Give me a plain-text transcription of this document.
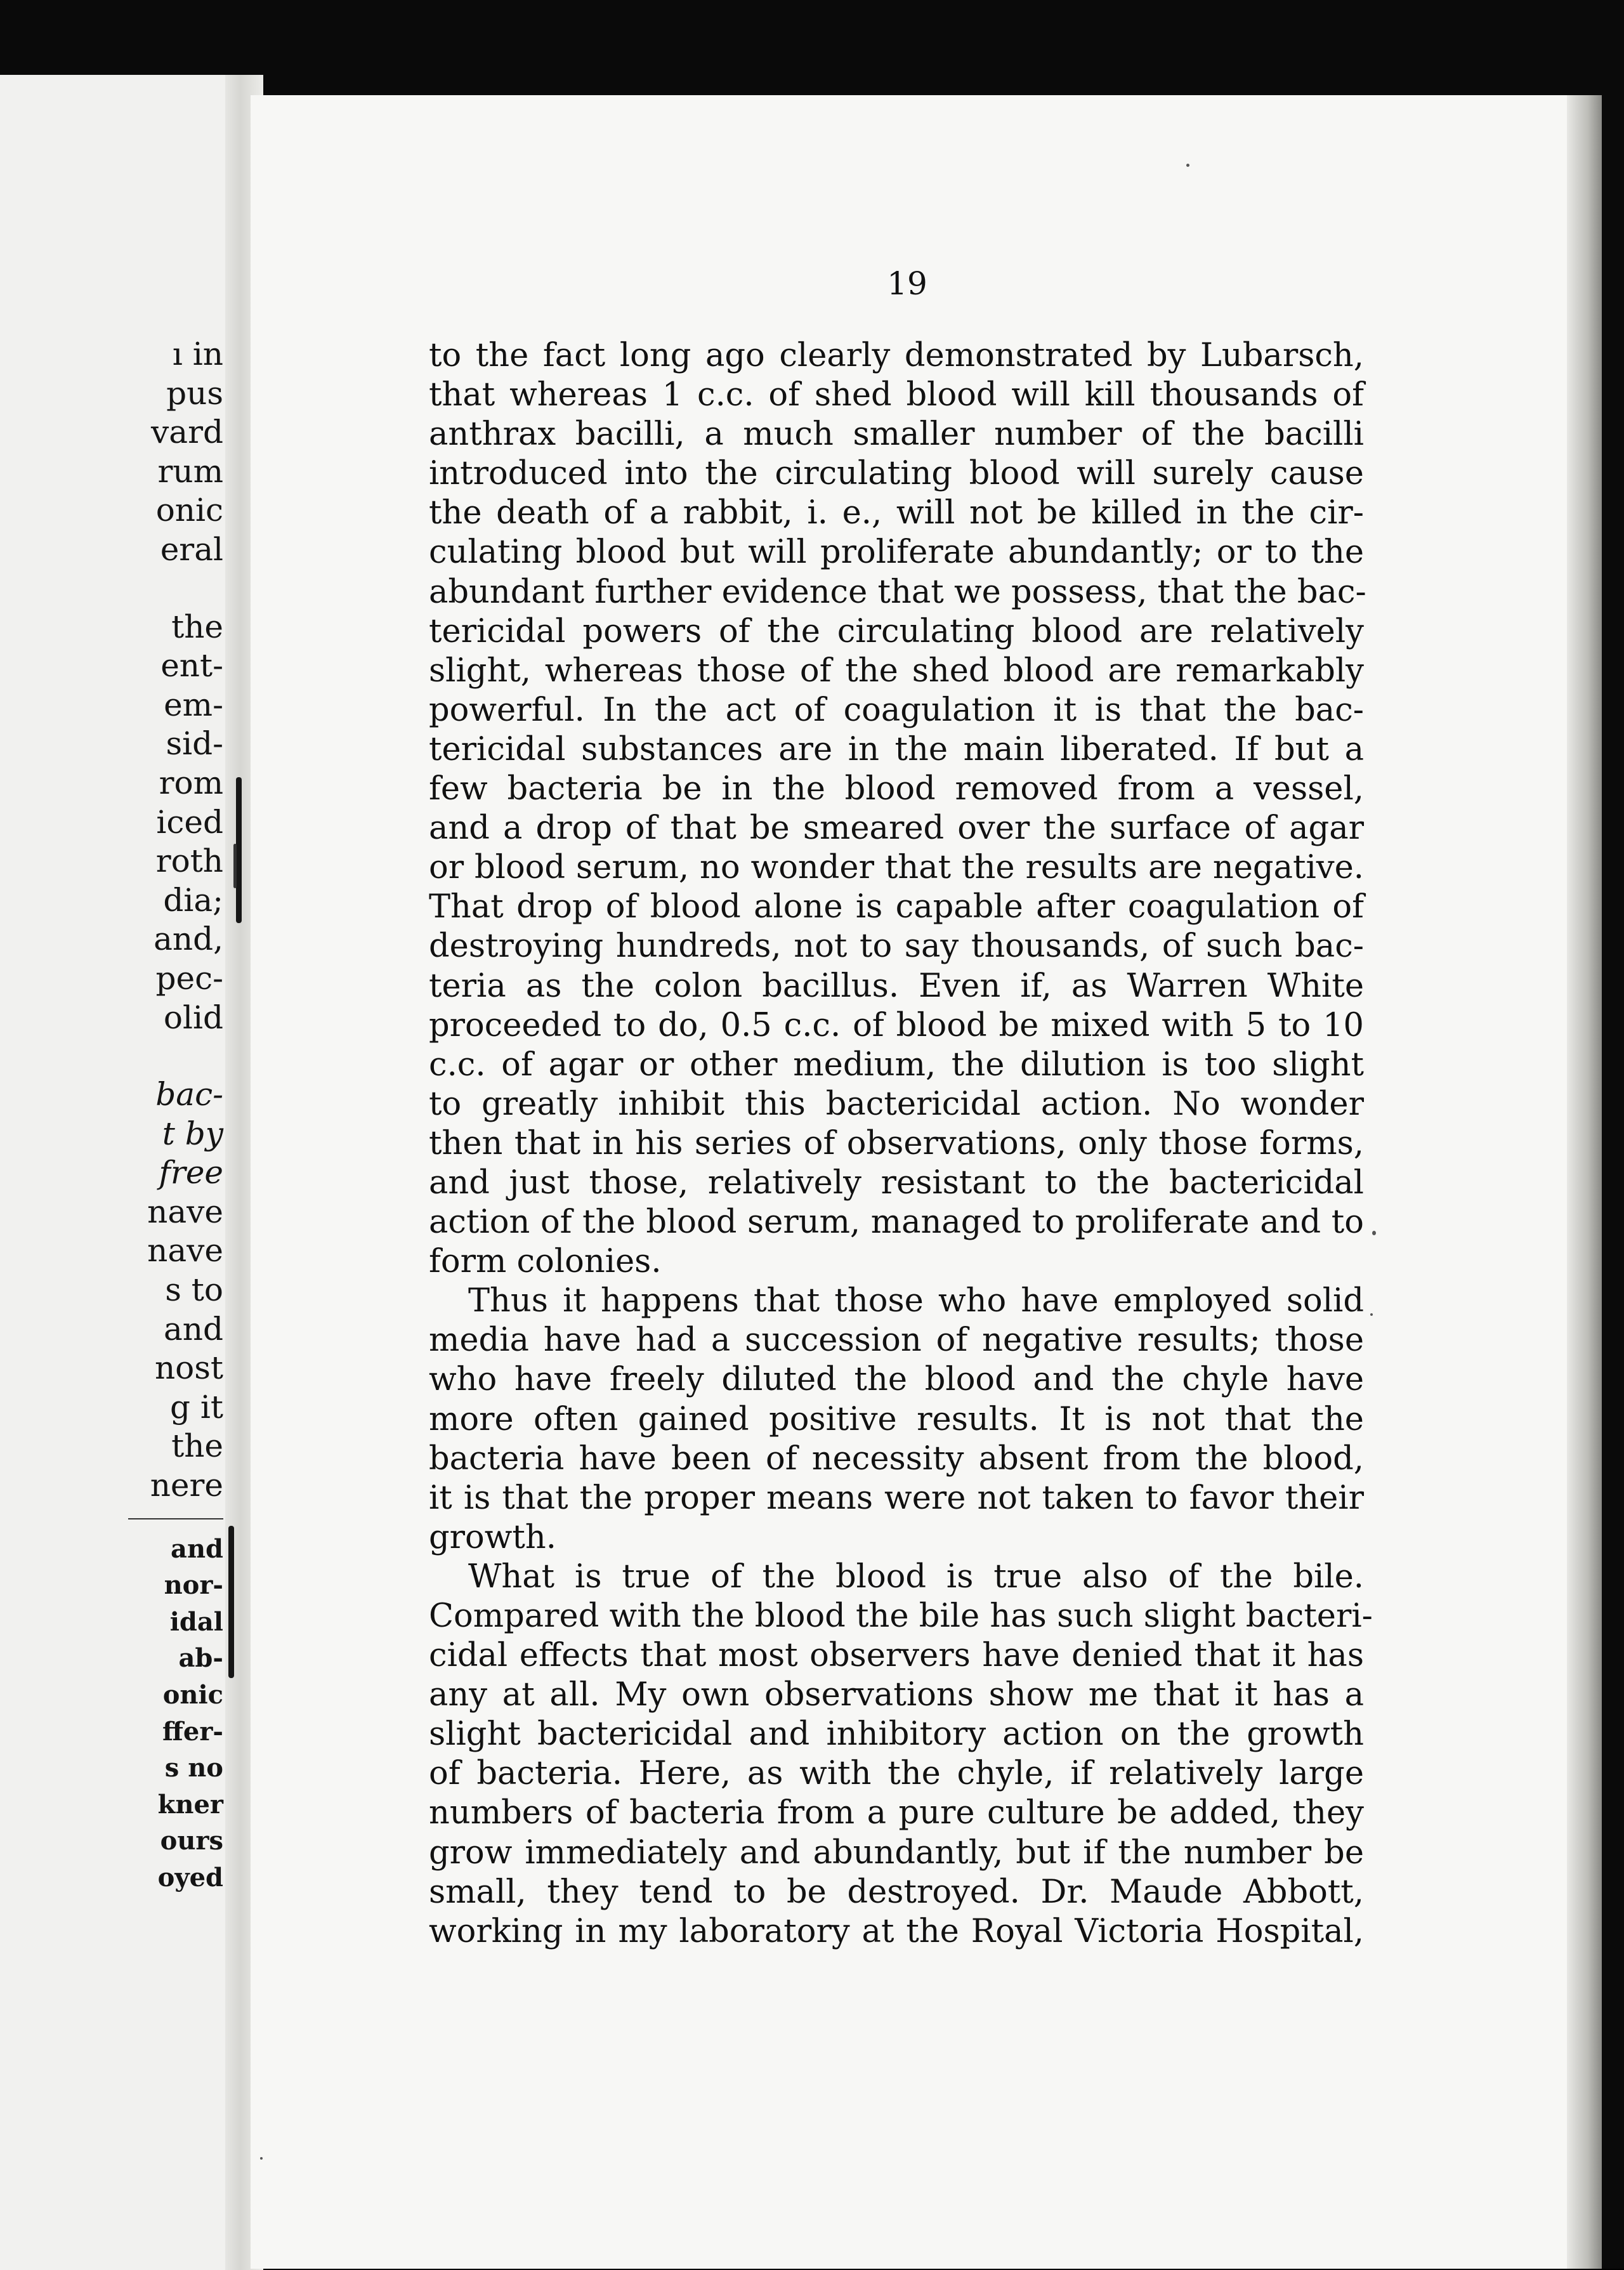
ı in
pus
vard
rum
onic
eral
the
ent-
em-
sid-
rom
iced
roth
dia;
and,
pec-
olid
bac-
t by
free
nave
nave
s to
and
nost
g it
the
nere
and
nor-
idal
ab-
onic
ffer-
s no
kner
ours
oyed
19
to the fact long ago clearly demonstrated by Lubarsch,
that whereas 1 c.c. of shed blood will kill thousands of
anthrax bacilli, a much smaller number of the bacilli
introduced into the circulating blood will surely cause
the death of a rabbit, i. e., will not be killed in the cir-
culating blood but will proliferate abundantly; or to the
abundant further evidence that we possess, that the bac-
tericidal powers of the circulating blood are relatively
slight, whereas those of the shed blood are remarkably
powerful. In the act of coagulation it is that the bac-
tericidal substances are in the main liberated. If but a
few bacteria be in the blood removed from a vessel,
and a drop of that be smeared over the surface of agar
or blood serum, no wonder that the results are negative.
That drop of blood alone is capable after coagulation of
destroying hundreds, not to say thousands, of such bac-
teria as the colon bacillus. Even if, as Warren White
proceeded to do, 0.5 c.c. of blood be mixed with 5 to 10
c.c. of agar or other medium, the dilution is too slight
to greatly inhibit this bactericidal action. No wonder
then that in his series of observations, only those forms,
and just those, relatively resistant to the bactericidal
action of the blood serum, managed to proliferate and to
form colonies.
Thus it happens that those who have employed solid
media have had a succession of negative results; those
who have freely diluted the blood and the chyle have
more often gained positive results. It is not that the
bacteria have been of necessity absent from the blood,
it is that the proper means were not taken to favor their
growth.
What is true of the blood is true also of the bile.
Compared with the blood the bile has such slight bacteri-
cidal effects that most observers have denied that it has
any at all. My own observations show me that it has a
slight bactericidal and inhibitory action on the growth
of bacteria. Here, as with the chyle, if relatively large
numbers of bacteria from a pure culture be added, they
grow immediately and abundantly, but if the number be
small, they tend to be destroyed. Dr. Maude Abbott,
working in my laboratory at the Royal Victoria Hospital,
